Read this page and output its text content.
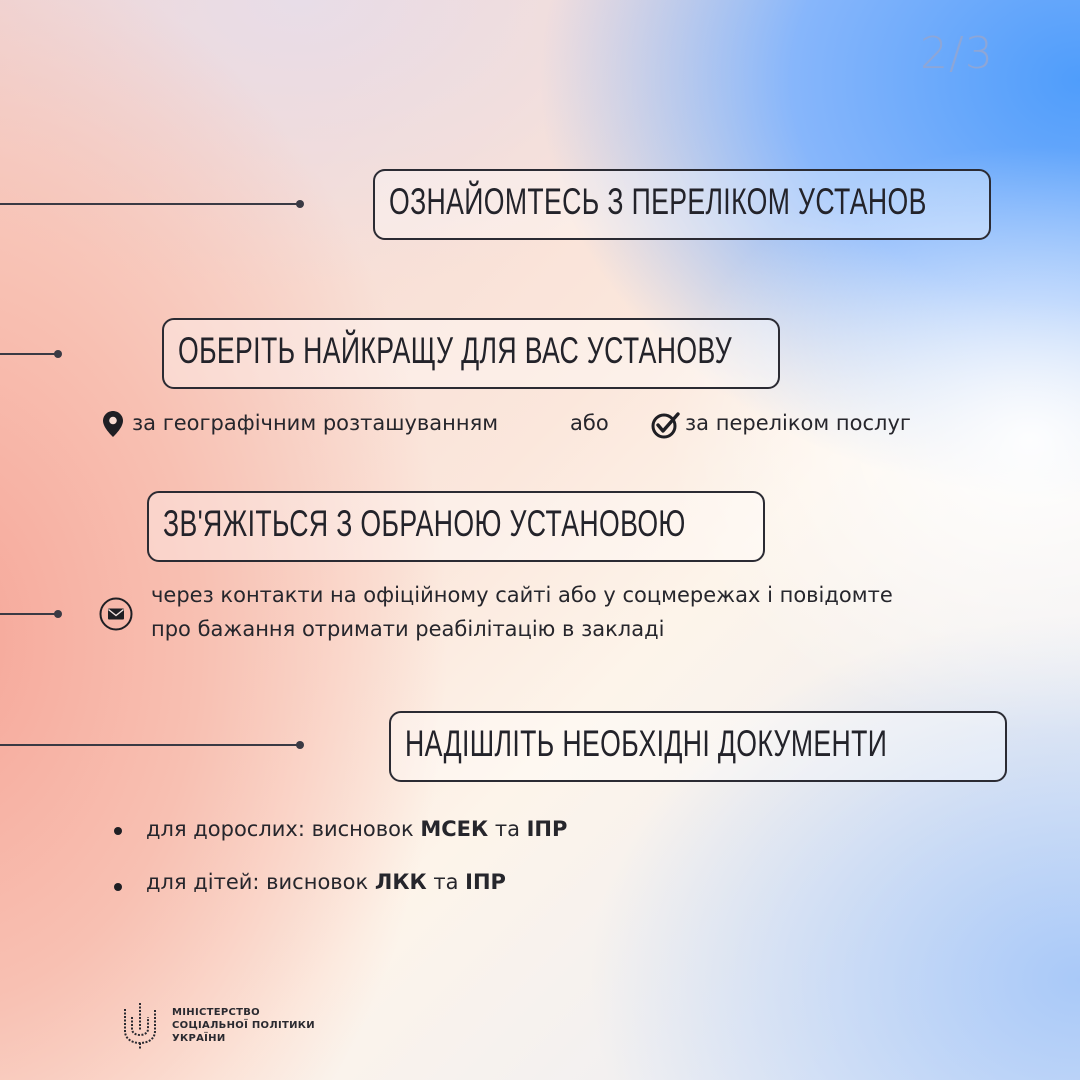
2/3
ОЗНАЙОМТЕСЬ З ПЕРЕЛІКОМ УСТАНОВ
ОБЕРІТЬ НАЙКРАЩУ ДЛЯ ВАС УСТАНОВУ
за географічним розташуванням	або	за переліком послуг
ЗВ'ЯЖІТЬСЯ З ОБРАНОЮ УСТАНОВОЮ
через контакти на офіційному сайті або у соцмережах і повідомте
про бажання отримати реабілітацію в закладі
НАДІШЛІТЬ НЕОБХІДНІ ДОКУМЕНТИ
для дорослих: висновок МСЕК та ІПР
для дітей: висновок ЛКК та ІПР
МІНІСТЕРСТВО
СОЦІАЛЬНОЇ ПОЛІТИКИ
УКРАЇНИ
